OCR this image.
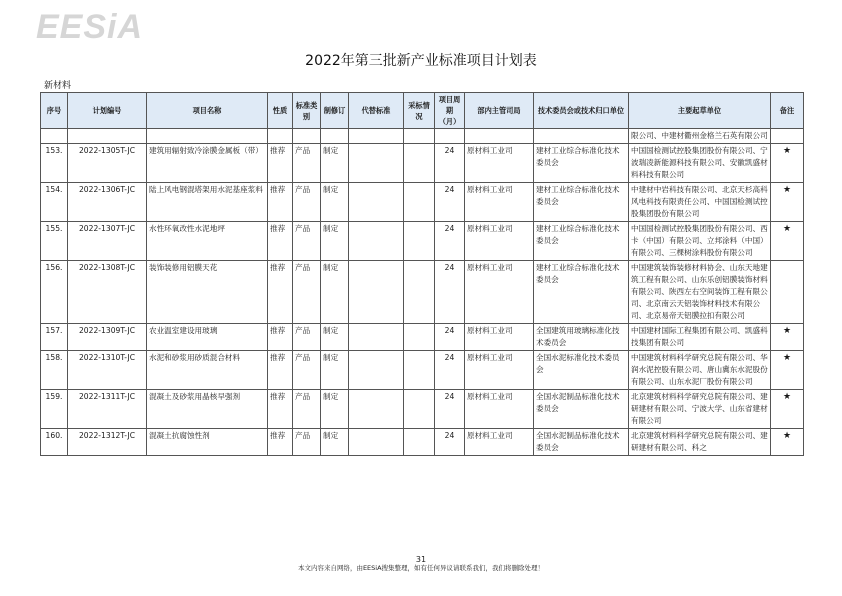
EESiA
2022年第三批新产业标准项目计划表
新材料
序号	计划编号	项目名称	性质	标准类别	制修订	代替标准	采标情况	项目周期（月）	部内主管司局	技术委员会或技术归口单位	主要起草单位	备注
											限公司、中建材衢州金格兰石英有限公司	
153.	2022-1305T-JC	建筑用辐射致冷涂膜金属板（带）	推荐	产品	制定			24	原材料工业司	建材工业综合标准化技术委员会	中国国检测试控股集团股份有限公司、宁波瑞凌新能源科技有限公司、安徽凯盛材料科技有限公司	★
154.	2022-1306T-JC	陆上风电钢混塔架用水泥基座浆料	推荐	产品	制定			24	原材料工业司	建材工业综合标准化技术委员会	中建材中岩科技有限公司、北京天杉高科风电科技有限责任公司、中国国检测试控股集团股份有限公司	★
155.	2022-1307T-JC	水性环氧改性水泥地坪	推荐	产品	制定			24	原材料工业司	建材工业综合标准化技术委员会	中国国检测试控股集团股份有限公司、西卡（中国）有限公司、立邦涂料（中国）有限公司、三棵树涂料股份有限公司	★
156.	2022-1308T-JC	装饰装修用铝膜天花	推荐	产品	制定			24	原材料工业司	建材工业综合标准化技术委员会	中国建筑装饰装修材料协会、山东天地建筑工程有限公司、山东乐创铝膜装饰材料有限公司、陕西左右空间装饰工程有限公司、北京南云天铝装饰材料技术有限公司、北京易帝天铝膜拉扣有限公司	
157.	2022-1309T-JC	农业温室建设用玻璃	推荐	产品	制定			24	原材料工业司	全国建筑用玻璃标准化技术委员会	中国建材国际工程集团有限公司、凯盛科技集团有限公司	★
158.	2022-1310T-JC	水泥和砂浆用砂质混合材料	推荐	产品	制定			24	原材料工业司	全国水泥标准化技术委员会	中国建筑材料科学研究总院有限公司、华润水泥控股有限公司、唐山冀东水泥股份有限公司、山东水泥厂股份有限公司	★
159.	2022-1311T-JC	混凝土及砂浆用晶核早强剂	推荐	产品	制定			24	原材料工业司	全国水泥制品标准化技术委员会	北京建筑材料科学研究总院有限公司、建研建材有限公司、宁波大学、山东省建材有限公司	★
160.	2022-1312T-JC	混凝土抗腐蚀性剂	推荐	产品	制定			24	原材料工业司	全国水泥制品标准化技术委员会	北京建筑材料科学研究总院有限公司、建研建材有限公司、科之	★
31
本文内容来自网络，由EESiA搜集整理，如有任何异议请联系我们，我们将删除处理！
